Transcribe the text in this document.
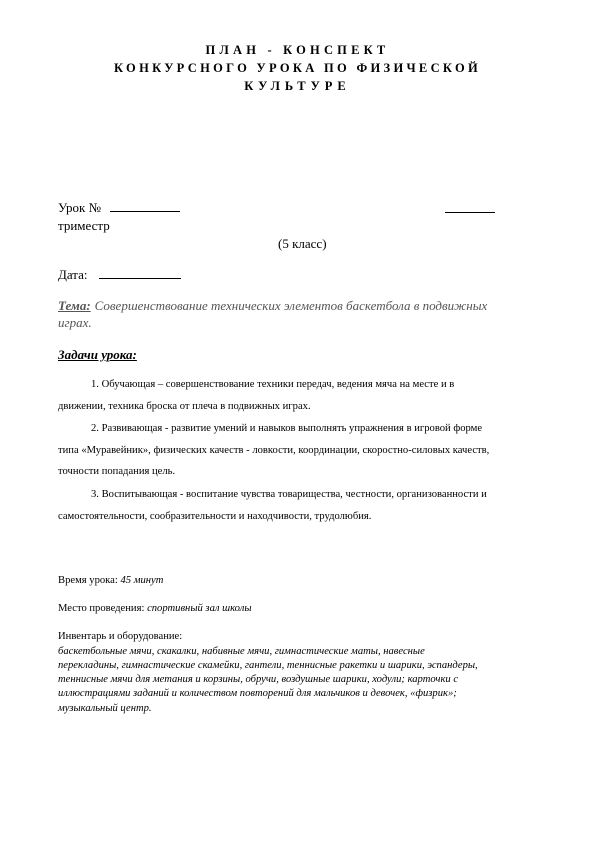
ПЛАН - КОНСПЕКТ
КОНКУРСНОГО УРОКА ПО ФИЗИЧЕСКОЙ
КУЛЬТУРЕ
Урок №
триместр
(5 класс)
Дата:
Тема: Совершенствование технических элементов баскетбола в подвижных
играх.
Задачи урока:
1. Обучающая – совершенствование техники передач, ведения мяча на месте и в
движении, техника броска от плеча в подвижных играх.
2. Развивающая - развитие умений и навыков выполнять упражнения в игровой форме
типа «Муравейник», физических качеств - ловкости, координации, скоростно-силовых качеств,
точности попадания цель.
3. Воспитывающая - воспитание чувства товарищества, честности, организованности и
самостоятельности, сообразительности и находчивости, трудолюбия.
Время урока: 45 минут
Место проведения: спортивный зал школы
Инвентарь и оборудование:
баскетбольные мячи, скакалки, набивные мячи, гимнастические маты, навесные
перекладины, гимнастические скамейки, гантели, теннисные ракетки и шарики, эспандеры,
теннисные мячи для метания и корзины, обручи, воздушные шарики, ходули; карточки с
иллюстрациями заданий и количеством повторений для мальчиков и девочек, «физрик»;
музыкальный центр.
